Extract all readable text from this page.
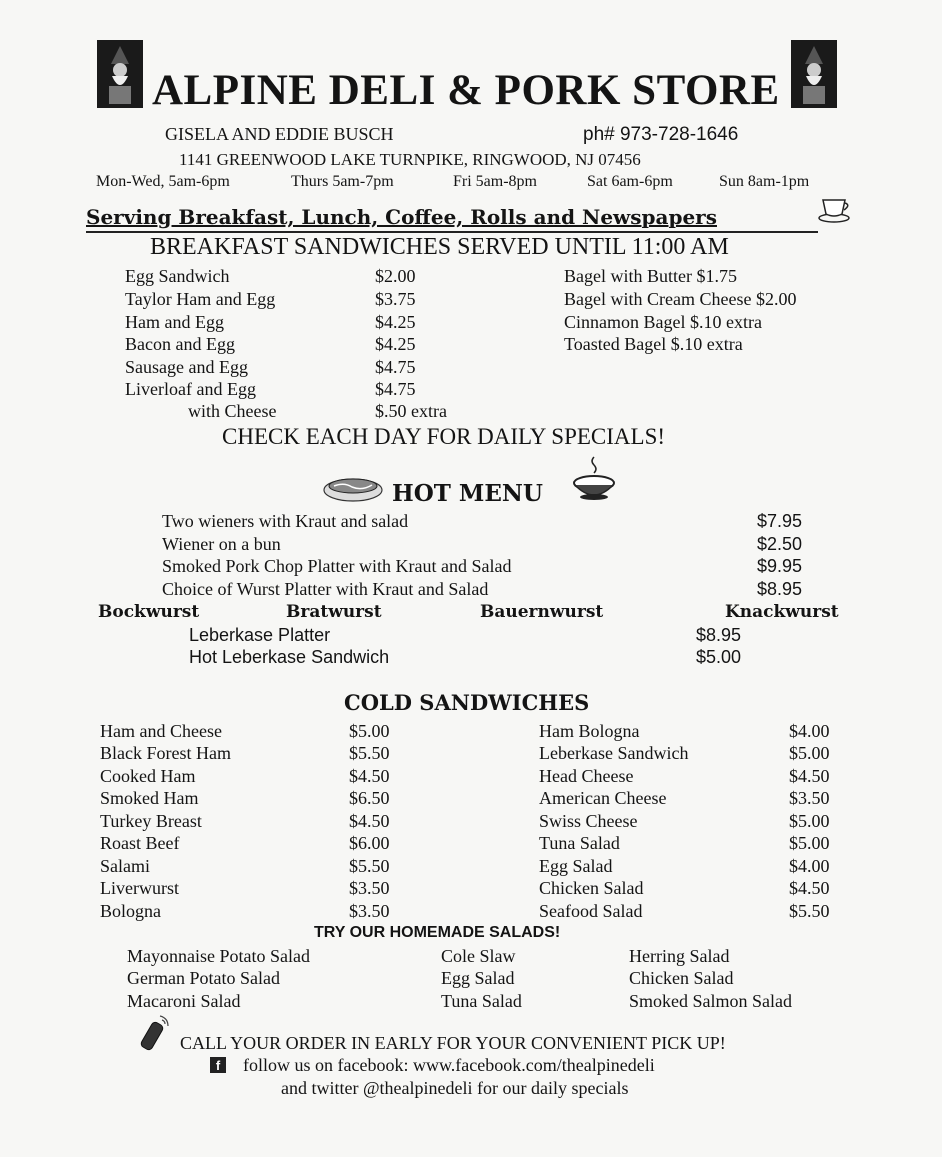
ALPINE DELI & PORK STORE
GISELA AND EDDIE BUSCH	ph# 973-728-1646
1141 GREENWOOD LAKE TURNPIKE, RINGWOOD, NJ 07456
Mon-Wed, 5am-6pm	Thurs 5am-7pm	Fri 5am-8pm	Sat 6am-6pm	Sun 8am-1pm
Serving Breakfast, Lunch, Coffee, Rolls and Newspapers
BREAKFAST SANDWICHES SERVED UNTIL 11:00 AM
Egg Sandwich	$2.00
Taylor Ham and Egg	$3.75
Ham and Egg	$4.25
Bacon and Egg	$4.25
Sausage and Egg	$4.75
Liverloaf and Egg	$4.75
with Cheese	$.50 extra
Bagel with Butter $1.75
Bagel with Cream Cheese $2.00
Cinnamon Bagel $.10 extra
Toasted Bagel $.10 extra
CHECK EACH DAY FOR DAILY SPECIALS!
HOT MENU
Two wieners with Kraut and salad	$7.95
Wiener on a bun	$2.50
Smoked Pork Chop Platter with Kraut and Salad	$9.95
Choice of Wurst Platter with Kraut and Salad	$8.95
Bockwurst	Bratwurst	Bauernwurst	Knackwurst
Leberkase Platter	$8.95
Hot Leberkase Sandwich	$5.00
COLD SANDWICHES
Ham and Cheese	$5.00
Black Forest Ham	$5.50
Cooked Ham	$4.50
Smoked Ham	$6.50
Turkey Breast	$4.50
Roast Beef	$6.00
Salami	$5.50
Liverwurst	$3.50
Bologna	$3.50
Ham Bologna	$4.00
Leberkase Sandwich	$5.00
Head Cheese	$4.50
American Cheese	$3.50
Swiss Cheese	$5.00
Tuna Salad	$5.00
Egg Salad	$4.00
Chicken Salad	$4.50
Seafood Salad	$5.50
TRY OUR HOMEMADE SALADS!
Mayonnaise Potato Salad
German Potato Salad
Macaroni Salad
Cole Slaw
Egg Salad
Tuna Salad
Herring Salad
Chicken Salad
Smoked Salmon Salad
CALL YOUR ORDER IN EARLY FOR YOUR CONVENIENT PICK UP!
f	follow us on facebook: www.facebook.com/thealpinedeli
and twitter @thealpinedeli for our daily specials
